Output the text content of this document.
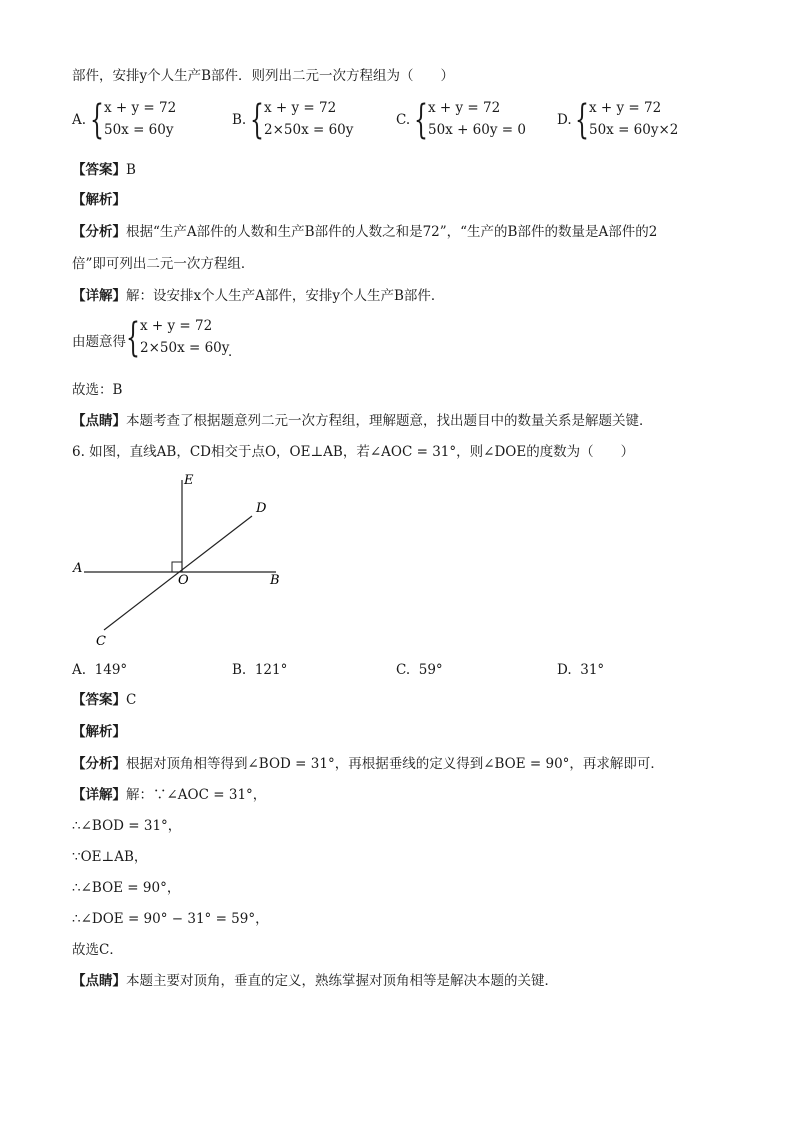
部件，安排y个人生产B部件．则列出二元一次方程组为（　　）
A. { x + y = 72
50x = 60y
B. { x + y = 72
2×50x = 60y
C. { x + y = 72
50x + 60y = 0
D. { x + y = 72
50x = 60y×2
【答案】B
【解析】
【分析】根据“生产A部件的人数和生产B部件的人数之和是72”，“生产的B部件的数量是A部件的2
倍”即可列出二元一次方程组．
【详解】解：设安排x个人生产A部件，安排y个人生产B部件．
由题意得 { x + y = 72
2×50x = 60y
．
故选：B
【点睛】本题考查了根据题意列二元一次方程组，理解题意，找出题目中的数量关系是解题关键．
6. 如图，直线AB，CD相交于点O，OE⊥AB，若∠AOC = 31°，则∠DOE的度数为（　　）
A
B
C
D
E
O
A. 149°	B. 121°	C. 59°	D. 31°
【答案】C
【解析】
【分析】根据对顶角相等得到∠BOD = 31°，再根据垂线的定义得到∠BOE = 90°，再求解即可．
【详解】解：∵∠AOC = 31°，
∴∠BOD = 31°，
∵OE⊥AB，
∴∠BOE = 90°，
∴∠DOE = 90° − 31° = 59°，
故选C．
【点睛】本题主要对顶角，垂直的定义，熟练掌握对顶角相等是解决本题的关键．
